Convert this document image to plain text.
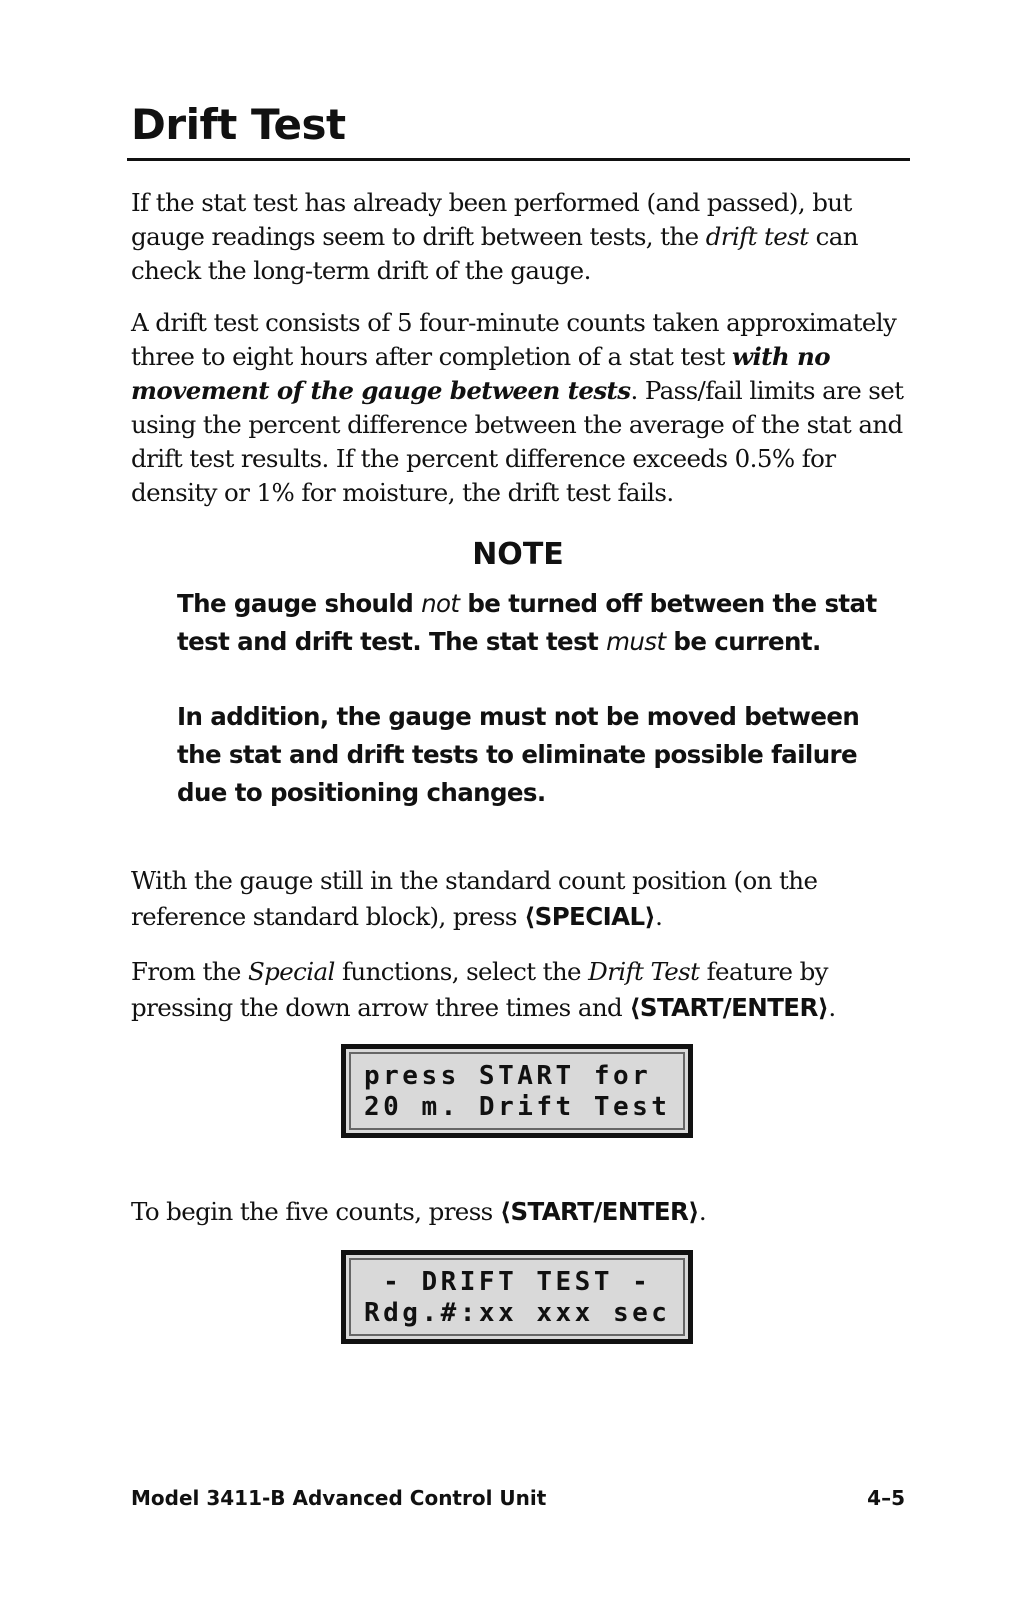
Drift Test

If the stat test has already been performed (and passed), but gauge readings seem to drift between tests, the drift test can check the long-term drift of the gauge.

A drift test consists of 5 four-minute counts taken approximately three to eight hours after completion of a stat test with no movement of the gauge between tests. Pass/fail limits are set using the percent difference between the average of the stat and drift test results. If the percent difference exceeds 0.5% for density or 1% for moisture, the drift test fails.

NOTE

The gauge should not be turned off between the stat test and drift test. The stat test must be current.

In addition, the gauge must not be moved between the stat and drift tests to eliminate possible failure due to positioning changes.

With the gauge still in the standard count position (on the reference standard block), press ⟨SPECIAL⟩.

From the Special functions, select the Drift Test feature by pressing the down arrow three times and ⟨START/ENTER⟩.

press START for

20 m. Drift Test

To begin the five counts, press ⟨START/ENTER⟩.

- DRIFT TEST -

Rdg.#:xx xxx sec

Model 3411-B Advanced Control Unit	4–5
